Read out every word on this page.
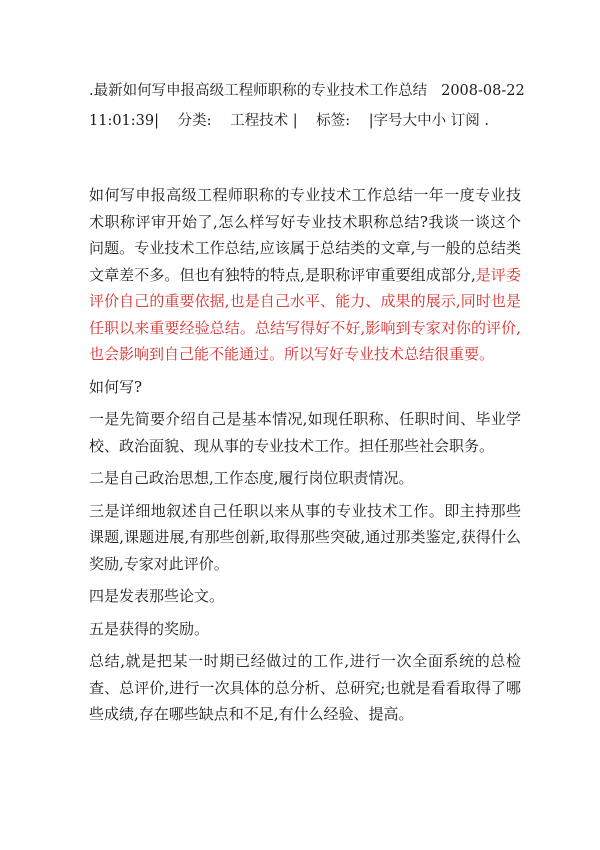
.最新如何写申报高级工程师职称的专业技术工作总结 2008-08-22

11:01:39| 分类: 工程技术 | 标签: |字号大中小 订阅 .

如何写申报高级工程师职称的专业技术工作总结一年一度专业技术职称评审开始了,怎么样写好专业技术职称总结?我谈一谈这个问题。专业技术工作总结,应该属于总结类的文章,与一般的总结类文章差不多。但也有独特的特点,是职称评审重要组成部分,是评委评价自己的重要依据,也是自己水平、能力、成果的展示,同时也是任职以来重要经验总结。总结写得好不好,影响到专家对你的评价,也会影响到自己能不能通过。所以写好专业技术总结很重要。

如何写?

一是先简要介绍自己是基本情况,如现任职称、任职时间、毕业学校、政治面貌、现从事的专业技术工作。担任那些社会职务。

二是自己政治思想,工作态度,履行岗位职责情况。

三是详细地叙述自己任职以来从事的专业技术工作。即主持那些课题,课题进展,有那些创新,取得那些突破,通过那类鉴定,获得什么奖励,专家对此评价。

四是发表那些论文。

五是获得的奖励。

总结,就是把某一时期已经做过的工作,进行一次全面系统的总检查、总评价,进行一次具体的总分析、总研究;也就是看看取得了哪些成绩,存在哪些缺点和不足,有什么经验、提高。
